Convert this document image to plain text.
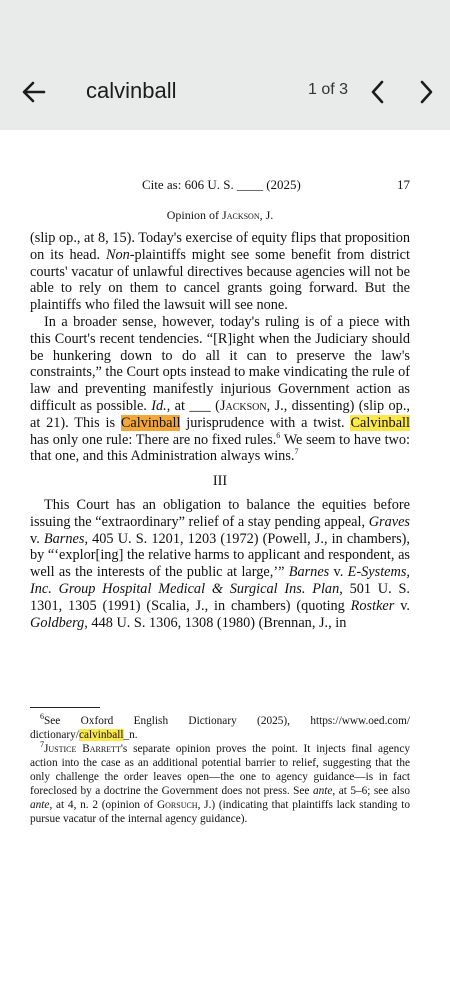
calvinball	1 of 3
Cite as: 606 U. S. ____ (2025)	17
Opinion of Jackson, J.

(slip op., at 8, 15). Today's exercise of equity flips that proposition on its head. Non-plaintiffs might see some benefit from district courts' vacatur of unlawful directives because agencies will not be able to rely on them to cancel grants going forward. But the plaintiffs who filed the lawsuit will see none.

In a broader sense, however, today's ruling is of a piece with this Court's recent tendencies. “[R]ight when the Judiciary should be hunkering down to do all it can to preserve the law's constraints,” the Court opts instead to make vindicating the rule of law and preventing manifestly injurious Government action as difficult as possible. Id., at ___ (Jackson, J., dissenting) (slip op., at 21). This is Calvinball jurisprudence with a twist. Calvinball has only one rule: There are no fixed rules.$^6$ We seem to have two: that one, and this Administration always wins.$^7$

III

This Court has an obligation to balance the equities before issuing the “extraordinary” relief of a stay pending appeal, Graves v. Barnes, 405 U. S. 1201, 1203 (1972) (Powell, J., in chambers), by “‘explor[ing] the relative harms to applicant and respondent, as well as the interests of the public at large,’” Barnes v. E-Systems, Inc. Group Hospital Medical & Surgical Ins. Plan, 501 U. S. 1301, 1305 (1991) (Scalia, J., in chambers) (quoting Rostker v. Goldberg, 448 U. S. 1306, 1308 (1980) (Brennan, J., in

$^6$See Oxford English Dictionary (2025), https://www.oed.com/ dictionary/calvinball_n.

$^7$Justice Barrett's separate opinion proves the point. It injects final agency action into the case as an additional potential barrier to relief, suggesting that the only challenge the order leaves open—the one to agency guidance—is in fact foreclosed by a doctrine the Government does not press. See ante, at 5–6; see also ante, at 4, n. 2 (opinion of Gorsuch, J.) (indicating that plaintiffs lack standing to pursue vacatur of the internal agency guidance).
